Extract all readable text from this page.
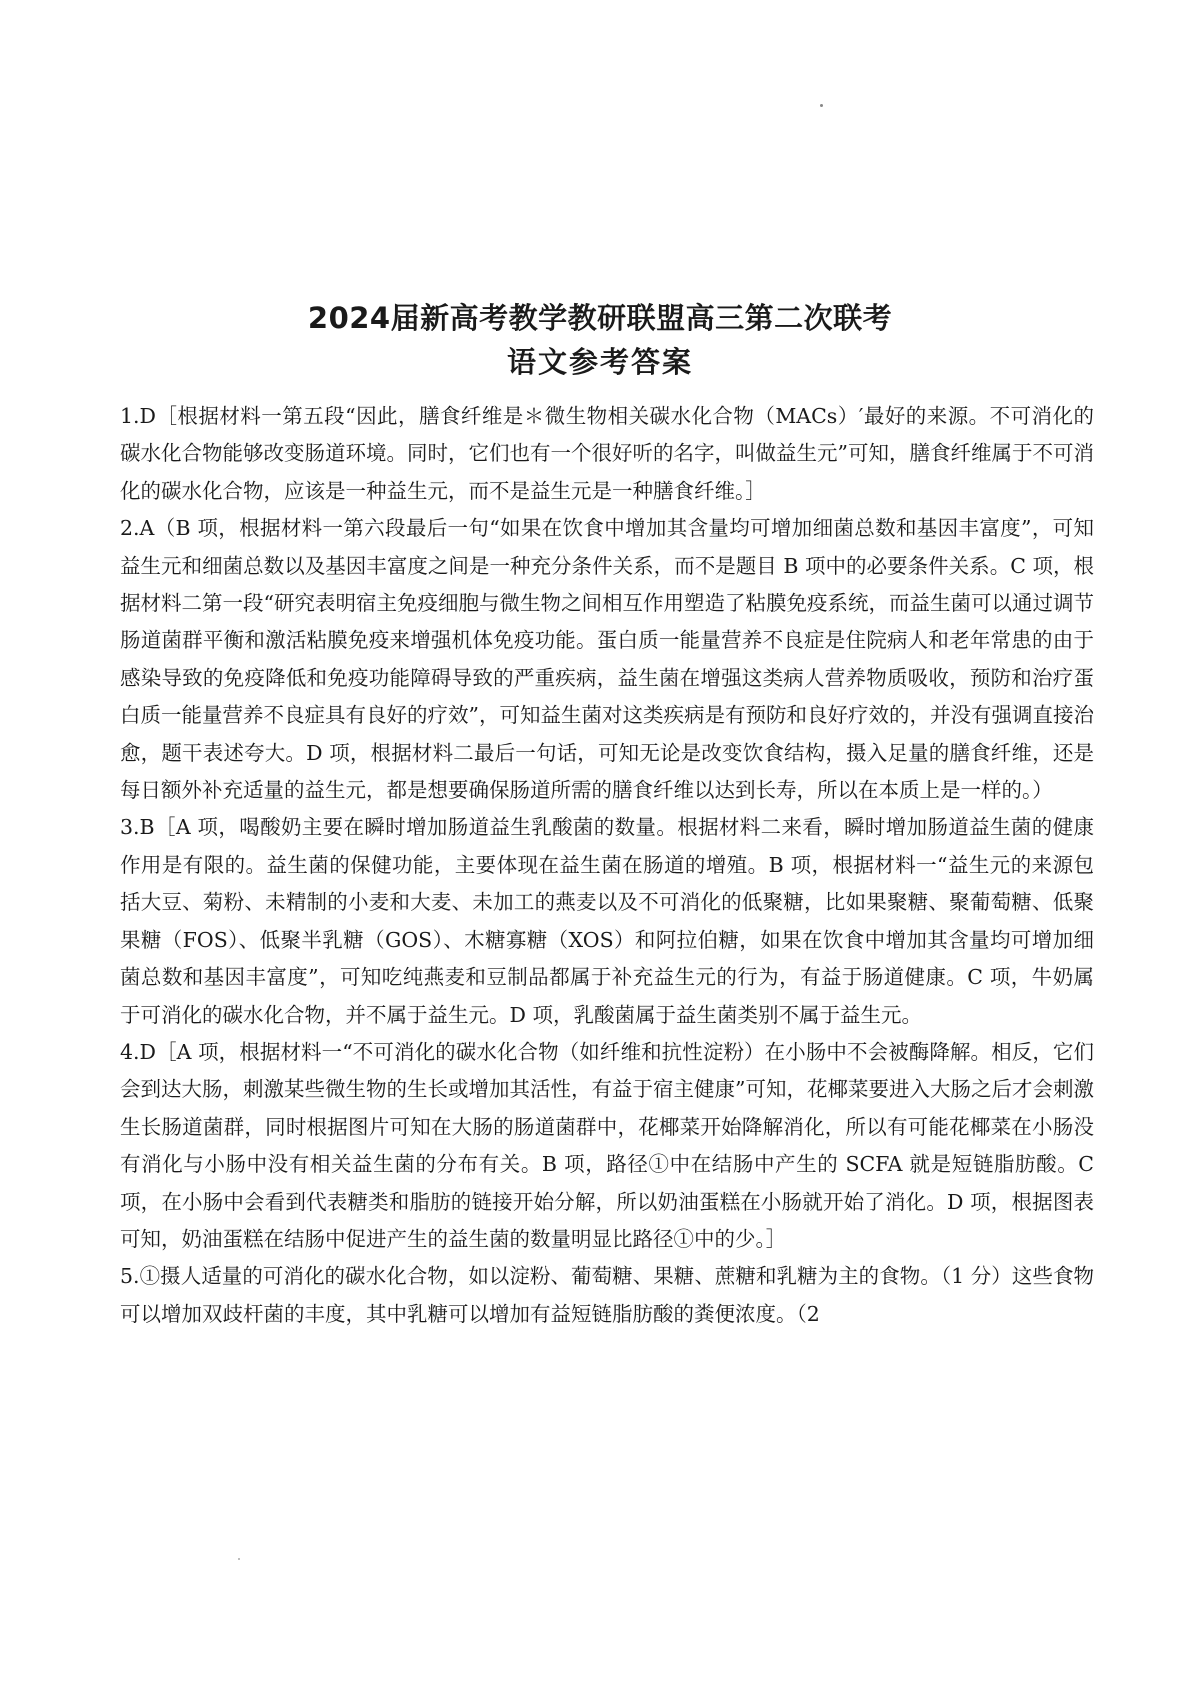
2024届新高考教学教研联盟高三第二次联考
语文参考答案

1.D［根据材料一第五段“因此，膳食纤维是＊微生物相关碳水化合物（MACs）′最好的来源。不可消化的碳水化合物能够改变肠道环境。同时，它们也有一个很好听的名字，叫做益生元”可知，膳食纤维属于不可消化的碳水化合物，应该是一种益生元，而不是益生元是一种膳食纤维。］

2.A（B 项，根据材料一第六段最后一句“如果在饮食中增加其含量均可增加细菌总数和基因丰富度”，可知益生元和细菌总数以及基因丰富度之间是一种充分条件关系，而不是题目 B 项中的必要条件关系。C 项，根据材料二第一段“研究表明宿主免疫细胞与微生物之间相互作用塑造了粘膜免疫系统，而益生菌可以通过调节肠道菌群平衡和激活粘膜免疫来增强机体免疫功能。蛋白质一能量营养不良症是住院病人和老年常患的由于感染导致的免疫降低和免疫功能障碍导致的严重疾病，益生菌在增强这类病人营养物质吸收，预防和治疗蛋白质一能量营养不良症具有良好的疗效”，可知益生菌对这类疾病是有预防和良好疗效的，并没有强调直接治愈，题干表述夸大。D 项，根据材料二最后一句话，可知无论是改变饮食结构，摄入足量的膳食纤维，还是每日额外补充适量的益生元，都是想要确保肠道所需的膳食纤维以达到长寿，所以在本质上是一样的。）

3.B［A 项，喝酸奶主要在瞬时增加肠道益生乳酸菌的数量。根据材料二来看，瞬时增加肠道益生菌的健康作用是有限的。益生菌的保健功能，主要体现在益生菌在肠道的增殖。B 项，根据材料一“益生元的来源包括大豆、菊粉、未精制的小麦和大麦、未加工的燕麦以及不可消化的低聚糖，比如果聚糖、聚葡萄糖、低聚果糖（FOS）、低聚半乳糖（GOS）、木糖寡糖（XOS）和阿拉伯糖，如果在饮食中增加其含量均可增加细菌总数和基因丰富度”，可知吃纯燕麦和豆制品都属于补充益生元的行为，有益于肠道健康。C 项，牛奶属于可消化的碳水化合物，并不属于益生元。D 项，乳酸菌属于益生菌类别不属于益生元。

4.D［A 项，根据材料一“不可消化的碳水化合物（如纤维和抗性淀粉）在小肠中不会被酶降解。相反，它们会到达大肠，刺激某些微生物的生长或增加其活性，有益于宿主健康”可知，花椰菜要进入大肠之后才会刺激生长肠道菌群，同时根据图片可知在大肠的肠道菌群中，花椰菜开始降解消化，所以有可能花椰菜在小肠没有消化与小肠中没有相关益生菌的分布有关。B 项，路径①中在结肠中产生的 SCFA 就是短链脂肪酸。C 项，在小肠中会看到代表糖类和脂肪的链接开始分解，所以奶油蛋糕在小肠就开始了消化。D 项，根据图表可知，奶油蛋糕在结肠中促进产生的益生菌的数量明显比路径①中的少。］

5.①摄人适量的可消化的碳水化合物，如以淀粉、葡萄糖、果糖、蔗糖和乳糖为主的食物。（1 分）这些食物可以增加双歧杆菌的丰度，其中乳糖可以增加有益短链脂肪酸的粪便浓度。（2
